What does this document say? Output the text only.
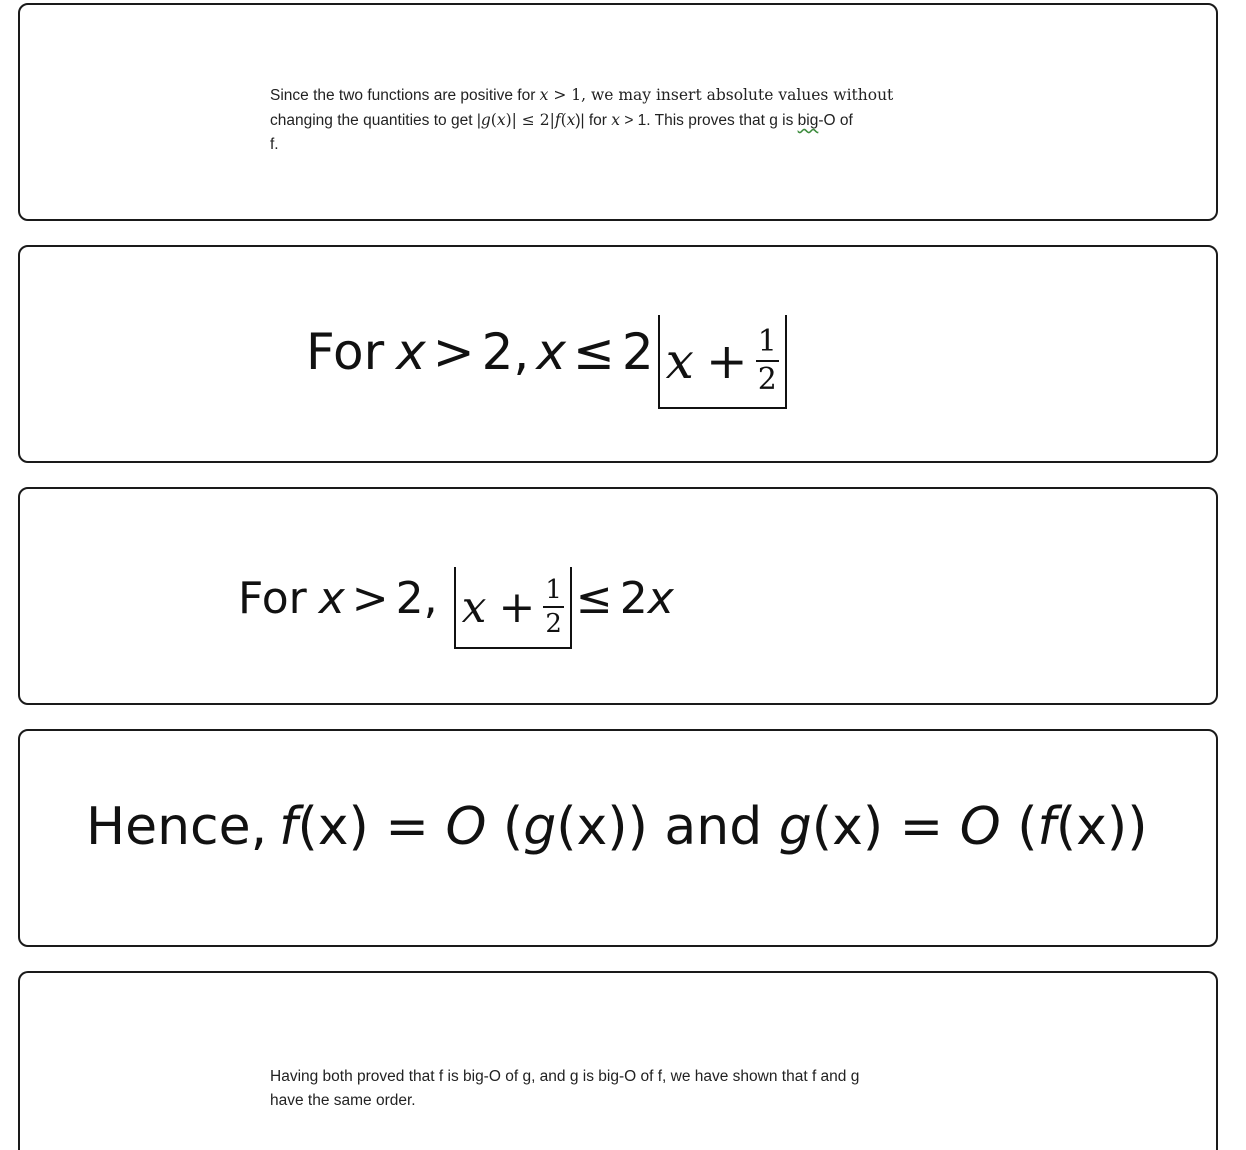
Since the two functions are positive for x > 1, we may insert absolute values without
changing the quantities to get |g(x)| ≤ 2|f(x)| for x > 1. This proves that g is big-O of
f.
For x > 2, x ≤ 2 $x + \frac{1}{2}$
For x > 2, $x + \frac{1}{2} \le 2$ x
Hence, f (x) = O ( g (x)) and g (x) = O ( f (x))
Having both proved that f is big-O of g, and g is big-O of f, we have shown that f and g
have the same order.
